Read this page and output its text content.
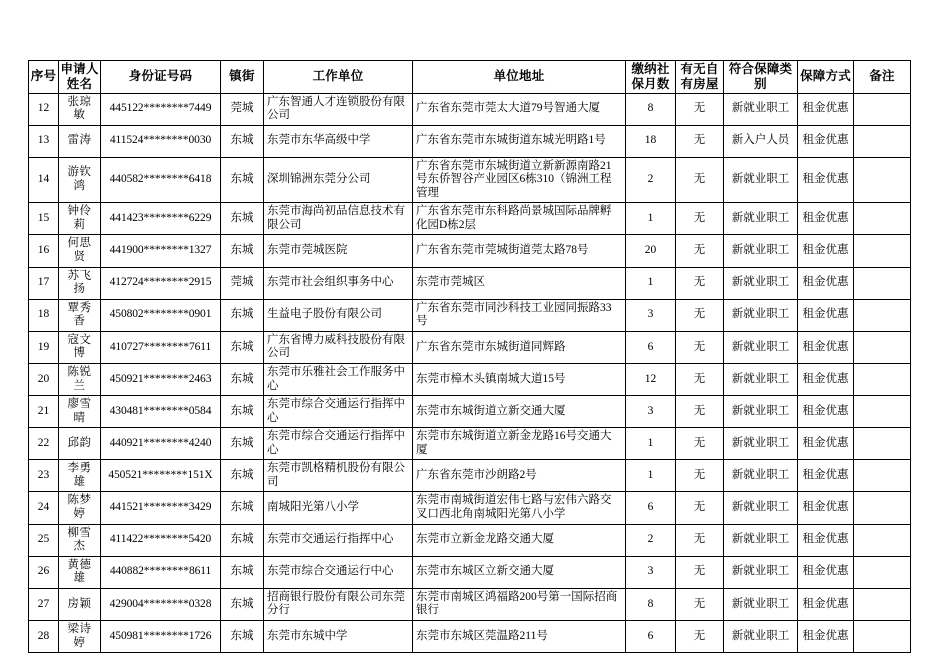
序号	申请人姓名	身份证号码	镇街	工作单位	单位地址	缴纳社保月数	有无自有房屋	符合保障类别	保障方式	备注
12	张琼敏	445122********7449	莞城	广东智通人才连锁股份有限公司	广东省东莞市莞太大道79号智通大厦	8	无	新就业职工	租金优惠	
13	雷涛	411524********0030	东城	东莞市东华高级中学	广东省东莞市东城街道东城光明路1号	18	无	新入户人员	租金优惠	
14	游钦鸿	440582********6418	东城	深圳锦洲东莞分公司	广东省东莞市东城街道立新新源南路21号东侨智谷产业园区6栋310（锦洲工程管理	2	无	新就业职工	租金优惠	
15	钟伶莉	441423********6229	东城	东莞市海尚初品信息技术有限公司	广东省东莞市东科路尚景城国际品牌孵化园D栋2层	1	无	新就业职工	租金优惠	
16	何思贤	441900********1327	东城	东莞市莞城医院	广东省东莞市莞城街道莞太路78号	20	无	新就业职工	租金优惠	
17	苏飞扬	412724********2915	莞城	东莞市社会组织事务中心	东莞市莞城区	1	无	新就业职工	租金优惠	
18	覃秀香	450802********0901	东城	生益电子股份有限公司	广东省东莞市同沙科技工业园同振路33号	3	无	新就业职工	租金优惠	
19	寇文博	410727********7611	东城	广东省博力威科技股份有限公司	广东省东莞市东城街道同辉路	6	无	新就业职工	租金优惠	
20	陈锐兰	450921********2463	东城	东莞市乐雅社会工作服务中心	东莞市樟木头镇南城大道15号	12	无	新就业职工	租金优惠	
21	廖雪晴	430481********0584	东城	东莞市综合交通运行指挥中心	东莞市东城街道立新交通大厦	3	无	新就业职工	租金优惠	
22	邱韵	440921********4240	东城	东莞市综合交通运行指挥中心	东莞市东城街道立新金龙路16号交通大厦	1	无	新就业职工	租金优惠	
23	李勇雄	450521********151X	东城	东莞市凯格精机股份有限公司	广东省东莞市沙朗路2号	1	无	新就业职工	租金优惠	
24	陈梦婷	441521********3429	东城	南城阳光第八小学	东莞市南城街道宏伟七路与宏伟六路交叉口西北角南城阳光第八小学	6	无	新就业职工	租金优惠	
25	柳雪杰	411422********5420	东城	东莞市交通运行指挥中心	东莞市立新金龙路交通大厦	2	无	新就业职工	租金优惠	
26	黄德雄	440882********8611	东城	东莞市综合交通运行中心	东莞市东城区立新交通大厦	3	无	新就业职工	租金优惠	
27	房颖	429004********0328	东城	招商银行股份有限公司东莞分行	东莞市南城区鸿福路200号第一国际招商银行	8	无	新就业职工	租金优惠	
28	梁诗婷	450981********1726	东城	东莞市东城中学	东莞市东城区莞温路211号	6	无	新就业职工	租金优惠	
